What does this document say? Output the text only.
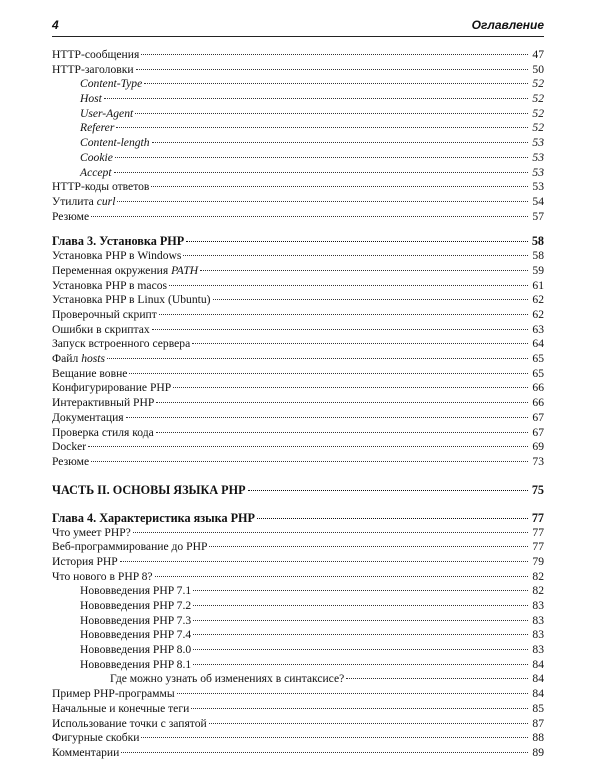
4	Оглавление
HTTP-сообщения	47
HTTP-заголовки	50
Content-Type	52
Host	52
User-Agent	52
Referer	52
Content-length	53
Cookie	53
Accept	53
HTTP-коды ответов	53
Утилита curl	54
Резюме	57
Глава 3. Установка PHP	58
Установка PHP в Windows	58
Переменная окружения PATH	59
Установка PHP в macos	61
Установка PHP в Linux (Ubuntu)	62
Проверочный скрипт	62
Ошибки в скриптах	63
Запуск встроенного сервера	64
Файл hosts	65
Вещание вовне	65
Конфигурирование PHP	66
Интерактивный PHP	66
Документация	67
Проверка стиля кода	67
Docker	69
Резюме	73
ЧАСТЬ II. ОСНОВЫ ЯЗЫКА PHP	75
Глава 4. Характеристика языка PHP	77
Что умеет PHP?	77
Веб-программирование до PHP	77
История PHP	79
Что нового в PHP 8?	82
Нововведения PHP 7.1	82
Нововведения PHP 7.2	83
Нововведения PHP 7.3	83
Нововведения PHP 7.4	83
Нововведения PHP 8.0	83
Нововведения PHP 8.1	84
Где можно узнать об изменениях в синтаксисе?	84
Пример PHP-программы	84
Начальные и конечные теги	85
Использование точки с запятой	87
Фигурные скобки	88
Комментарии	89
